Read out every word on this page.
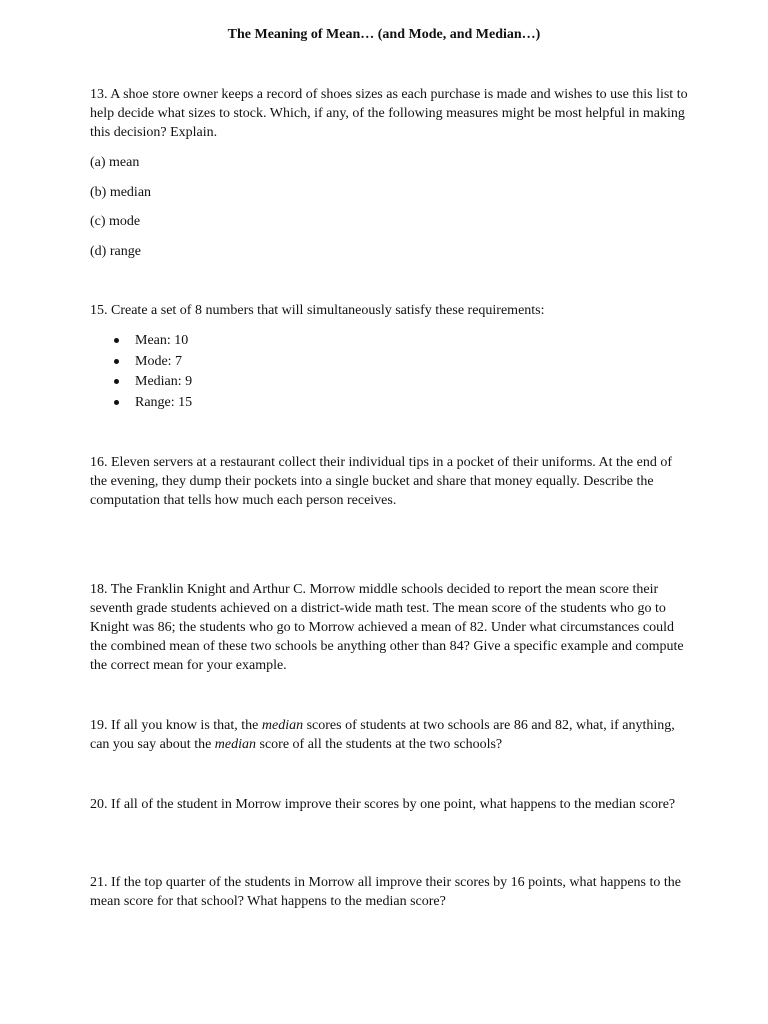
The Meaning of Mean… (and Mode, and Median…)

13. A shoe store owner keeps a record of shoes sizes as each purchase is made and wishes to use this list to help decide what sizes to stock. Which, if any, of the following measures might be most helpful in making this decision? Explain.

(a) mean
(b) median
(c) mode
(d) range

15. Create a set of 8 numbers that will simultaneously satisfy these requirements:

Mean: 10
Mode: 7
Median: 9
Range: 15

16. Eleven servers at a restaurant collect their individual tips in a pocket of their uniforms. At the end of the evening, they dump their pockets into a single bucket and share that money equally. Describe the computation that tells how much each person receives.

18. The Franklin Knight and Arthur C. Morrow middle schools decided to report the mean score their seventh grade students achieved on a district-wide math test. The mean score of the students who go to Knight was 86; the students who go to Morrow achieved a mean of 82. Under what circumstances could the combined mean of these two schools be anything other than 84? Give a specific example and compute the correct mean for your example.

19. If all you know is that, the median scores of students at two schools are 86 and 82, what, if anything, can you say about the median score of all the students at the two schools?

20. If all of the student in Morrow improve their scores by one point, what happens to the median score?

21. If the top quarter of the students in Morrow all improve their scores by 16 points, what happens to the mean score for that school? What happens to the median score?
